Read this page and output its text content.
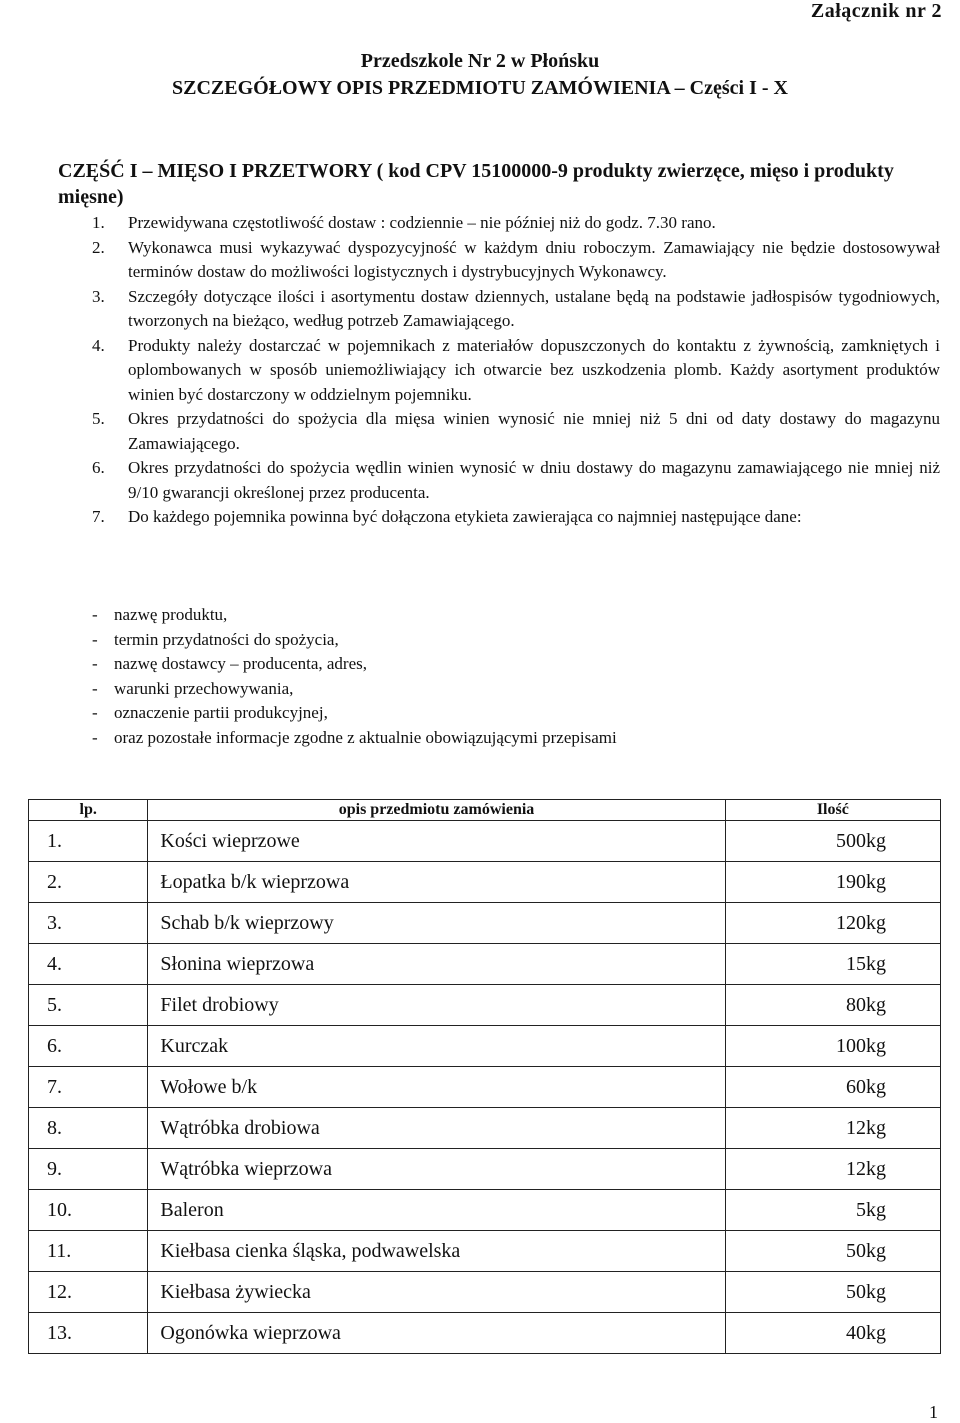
Załącznik nr 2
Przedszkole Nr 2 w Płońsku
SZCZEGÓŁOWY OPIS PRZEDMIOTU ZAMÓWIENIA – Części I - X
CZĘŚĆ I – MIĘSO I PRZETWORY ( kod CPV 15100000-9 produkty zwierzęce, mięso i produkty mięsne)
1.	Przewidywana częstotliwość dostaw : codziennie – nie później niż do godz. 7.30 rano.
2.	Wykonawca musi wykazywać dyspozycyjność w każdym dniu roboczym. Zamawiający nie będzie dostosowywał terminów dostaw do możliwości logistycznych i dystrybucyjnych Wykonawcy.
3.	Szczegóły dotyczące ilości i asortymentu dostaw dziennych, ustalane będą na podstawie jadłospisów tygodniowych, tworzonych na bieżąco, według potrzeb Zamawiającego.
4.	Produkty należy dostarczać w pojemnikach z materiałów dopuszczonych do kontaktu z żywnością, zamkniętych i oplombowanych w sposób uniemożliwiający ich otwarcie bez uszkodzenia plomb. Każdy asortyment produktów winien być dostarczony w oddzielnym pojemniku.
5.	Okres przydatności do spożycia dla mięsa winien wynosić nie mniej niż 5 dni od daty dostawy do magazynu Zamawiającego.
6.	Okres przydatności do spożycia wędlin winien wynosić w dniu dostawy do magazynu zamawiającego nie mniej niż 9/10 gwarancji określonej przez producenta.
7.	Do każdego pojemnika powinna być dołączona etykieta zawierająca co najmniej następujące dane:
- nazwę produktu,
- termin przydatności do spożycia,
- nazwę dostawcy – producenta, adres,
- warunki przechowywania,
- oznaczenie partii produkcyjnej,
- oraz pozostałe informacje zgodne z aktualnie obowiązującymi przepisami
lp.	opis przedmiotu zamówienia	Ilość
1.	Kości wieprzowe	500kg
2.	Łopatka b/k wieprzowa	190kg
3.	Schab b/k wieprzowy	120kg
4.	Słonina wieprzowa	15kg
5.	Filet drobiowy	80kg
6.	Kurczak	100kg
7.	Wołowe b/k	60kg
8.	Wątróbka drobiowa	12kg
9.	Wątróbka wieprzowa	12kg
10.	Baleron	5kg
11.	Kiełbasa cienka śląska, podwawelska	50kg
12.	Kiełbasa żywiecka	50kg
13.	Ogonówka wieprzowa	40kg
1
